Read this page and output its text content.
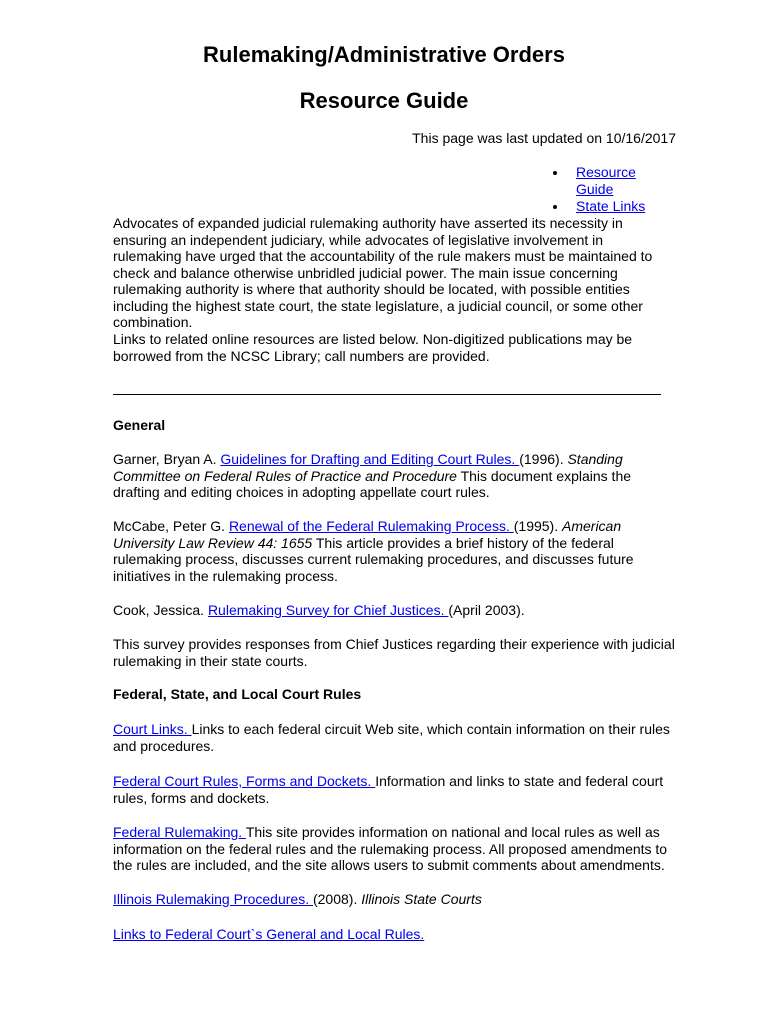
Rulemaking/Administrative Orders
Resource Guide
This page was last updated on 10/16/2017
Resource Guide
State Links

Advocates of expanded judicial rulemaking authority have asserted its necessity in ensuring an independent judiciary, while advocates of legislative involvement in rulemaking have urged that the accountability of the rule makers must be maintained to check and balance otherwise unbridled judicial power. The main issue concerning rulemaking authority is where that authority should be located, with possible entities including the highest state court, the state legislature, a judicial council, or some other combination.

Links to related online resources are listed below. Non-digitized publications may be borrowed from the NCSC Library; call numbers are provided.

General

Garner, Bryan A. Guidelines for Drafting and Editing Court Rules. (1996). Standing Committee on Federal Rules of Practice and Procedure This document explains the drafting and editing choices in adopting appellate court rules.

McCabe, Peter G. Renewal of the Federal Rulemaking Process. (1995). American University Law Review 44: 1655 This article provides a brief history of the federal rulemaking process, discusses current rulemaking procedures, and discusses future initiatives in the rulemaking process.

Cook, Jessica. Rulemaking Survey for Chief Justices. (April 2003).

This survey provides responses from Chief Justices regarding their experience with judicial rulemaking in their state courts.

Federal, State, and Local Court Rules

Court Links. Links to each federal circuit Web site, which contain information on their rules and procedures.

Federal Court Rules, Forms and Dockets. Information and links to state and federal court rules, forms and dockets.

Federal Rulemaking. This site provides information on national and local rules as well as information on the federal rules and the rulemaking process. All proposed amendments to the rules are included, and the site allows users to submit comments about amendments.

Illinois Rulemaking Procedures. (2008). Illinois State Courts

Links to Federal Court`s General and Local Rules.
